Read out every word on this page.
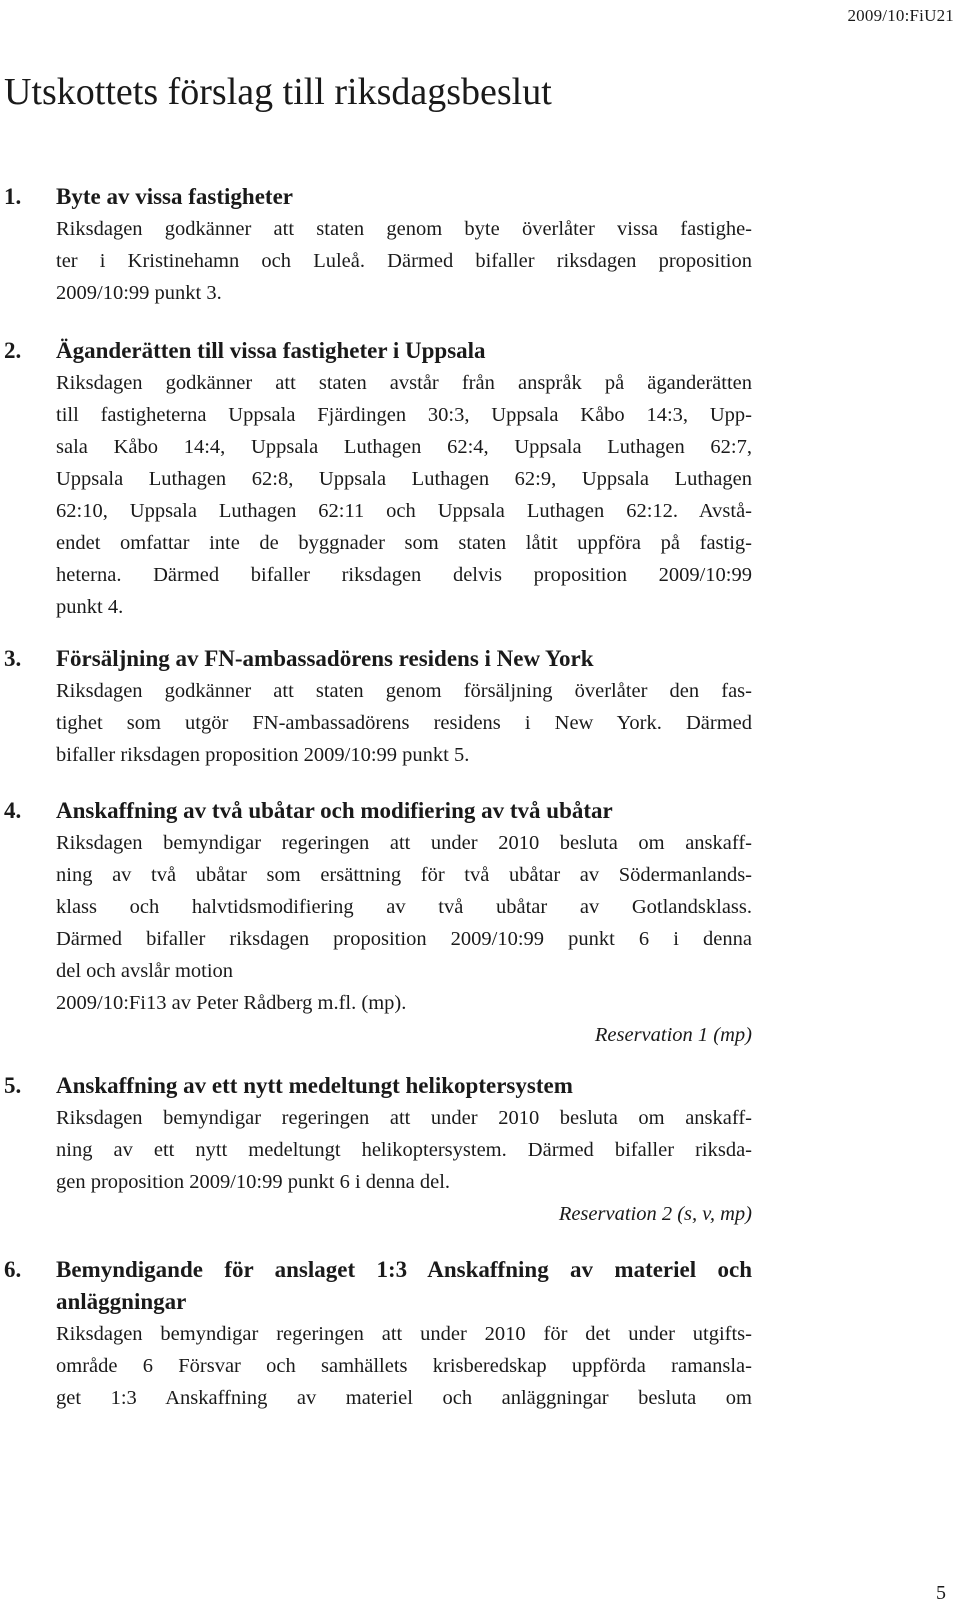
2009/10:FiU21
Utskottets förslag till riksdagsbeslut
1.	Byte av vissa fastigheter
Riksdagen godkänner att staten genom byte överlåter vissa fastighe-
ter i Kristinehamn och Luleå. Därmed bifaller riksdagen proposition
2009/10:99 punkt 3.
2.	Äganderätten till vissa fastigheter i Uppsala
Riksdagen godkänner att staten avstår från anspråk på äganderätten
till fastigheterna Uppsala Fjärdingen 30:3, Uppsala Kåbo 14:3, Upp-
sala Kåbo 14:4, Uppsala Luthagen 62:4, Uppsala Luthagen 62:7,
Uppsala Luthagen 62:8, Uppsala Luthagen 62:9, Uppsala Luthagen
62:10, Uppsala Luthagen 62:11 och Uppsala Luthagen 62:12. Avstå-
endet omfattar inte de byggnader som staten låtit uppföra på fastig-
heterna. Därmed bifaller riksdagen delvis proposition 2009/10:99
punkt 4.
3.	Försäljning av FN-ambassadörens residens i New York
Riksdagen godkänner att staten genom försäljning överlåter den fas-
tighet som utgör FN-ambassadörens residens i New York. Därmed
bifaller riksdagen proposition 2009/10:99 punkt 5.
4.	Anskaffning av två ubåtar och modifiering av två ubåtar
Riksdagen bemyndigar regeringen att under 2010 besluta om anskaff-
ning av två ubåtar som ersättning för två ubåtar av Södermanlands-
klass och halvtidsmodifiering av två ubåtar av Gotlandsklass.
Därmed bifaller riksdagen proposition 2009/10:99 punkt 6 i denna
del och avslår motion
2009/10:Fi13 av Peter Rådberg m.fl. (mp).
Reservation 1 (mp)
5.	Anskaffning av ett nytt medeltungt helikoptersystem
Riksdagen bemyndigar regeringen att under 2010 besluta om anskaff-
ning av ett nytt medeltungt helikoptersystem. Därmed bifaller riksda-
gen proposition 2009/10:99 punkt 6 i denna del.
Reservation 2 (s, v, mp)
6.	Bemyndigande för anslaget 1:3 Anskaffning av materiel och anläggningar
Riksdagen bemyndigar regeringen att under 2010 för det under utgifts-
område 6 Försvar och samhällets krisberedskap uppförda ramansla-
get 1:3 Anskaffning av materiel och anläggningar besluta om
5
